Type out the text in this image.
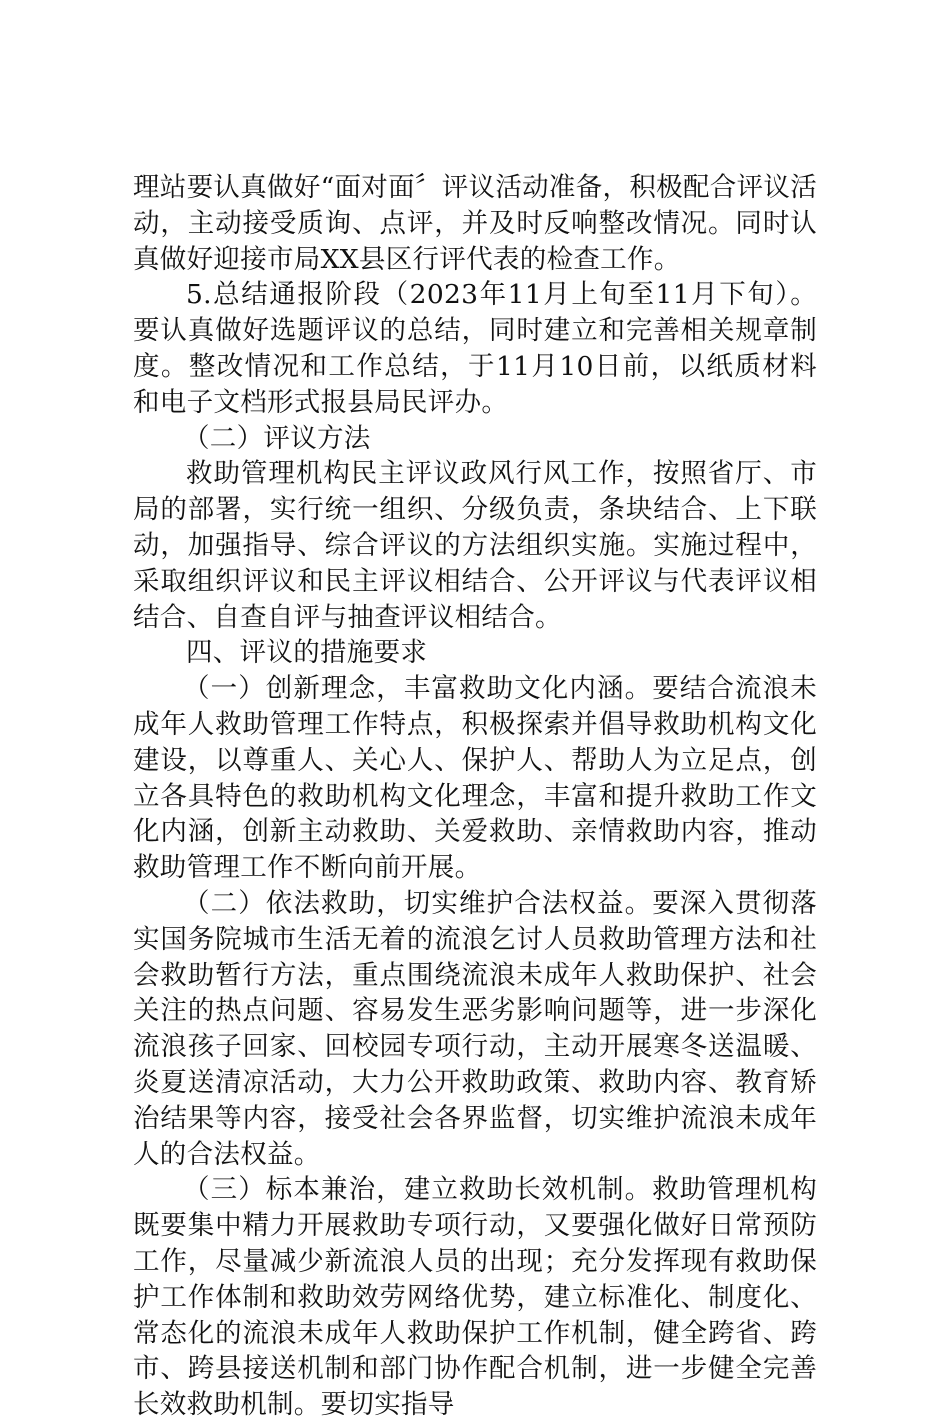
理站要认真做好“面对面〞评议活动准备，积极配合评议活动，主动接受质询、点评，并及时反响整改情况。同时认真做好迎接市局XX县区行评代表的检查工作。

5.总结通报阶段（2023年11月上旬至11月下旬）。要认真做好选题评议的总结，同时建立和完善相关规章制度。整改情况和工作总结，于11月10日前，以纸质材料和电子文档形式报县局民评办。

（二）评议方法

救助管理机构民主评议政风行风工作，按照省厅、市局的部署，实行统一组织、分级负责，条块结合、上下联动，加强指导、综合评议的方法组织实施。实施过程中，采取组织评议和民主评议相结合、公开评议与代表评议相结合、自查自评与抽查评议相结合。

四、评议的措施要求

（一）创新理念，丰富救助文化内涵。要结合流浪未成年人救助管理工作特点，积极探索并倡导救助机构文化建设，以尊重人、关心人、保护人、帮助人为立足点，创立各具特色的救助机构文化理念，丰富和提升救助工作文化内涵，创新主动救助、关爱救助、亲情救助内容，推动救助管理工作不断向前开展。

（二）依法救助，切实维护合法权益。要深入贯彻落实国务院城市生活无着的流浪乞讨人员救助管理方法和社会救助暂行方法，重点围绕流浪未成年人救助保护、社会关注的热点问题、容易发生恶劣影响问题等，进一步深化流浪孩子回家、回校园专项行动，主动开展寒冬送温暖、炎夏送清凉活动，大力公开救助政策、救助内容、教育矫治结果等内容，接受社会各界监督，切实维护流浪未成年人的合法权益。

（三）标本兼治，建立救助长效机制。救助管理机构既要集中精力开展救助专项行动，又要强化做好日常预防工作，尽量减少新流浪人员的出现；充分发挥现有救助保护工作体制和救助效劳网络优势，建立标准化、制度化、常态化的流浪未成年人救助保护工作机制，健全跨省、跨市、跨县接送机制和部门协作配合机制，进一步健全完善长效救助机制。要切实指导
